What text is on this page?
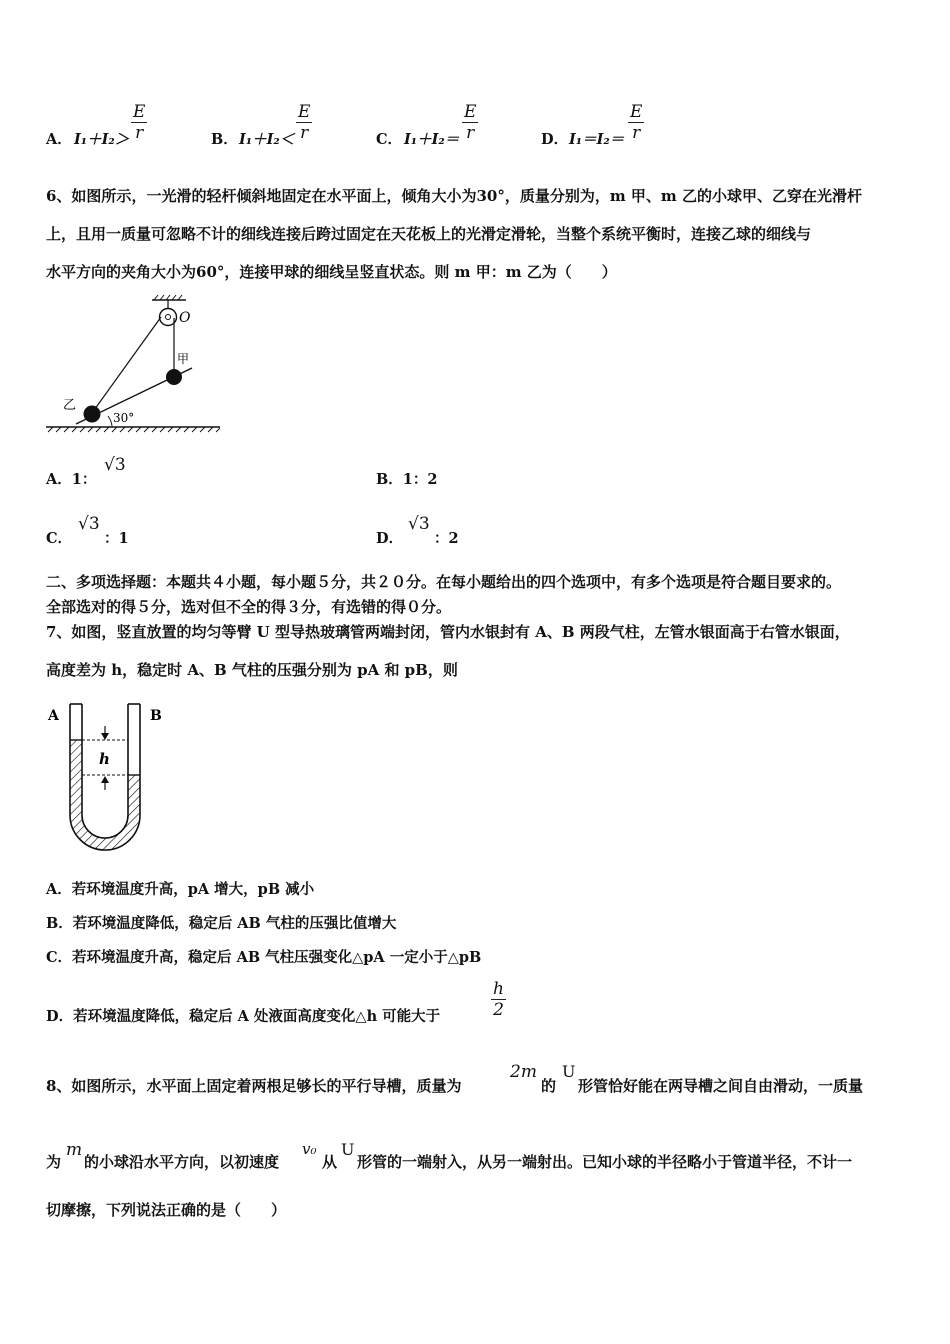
A． $I_1+I_2> \frac{E}{r}$	B． $I_1+I_2< \frac{E}{r}$	C． $I_1+I_2= \frac{E}{r}$	D． $I_1=I_2= \frac{E}{r}$
6、如图所示，一光滑的轻杆倾斜地固定在水平面上，倾角大小为30°，质量分别为，m 甲、m 乙的小球甲、乙穿在光滑杆
上，且用一质量可忽略不计的细线连接后跨过固定在天花板上的光滑定滑轮，当整个系统平衡时，连接乙球的细线与
水平方向的夹角大小为60°，连接甲球的细线呈竖直状态。则 m 甲：m 乙为（　　）
O
甲
乙
30°
A．1：
√3
B．1：2
C．
√3
：1	D．
√3
：2
二、多项选择题：本题共４小题，每小题５分，共２０分。在每小题给出的四个选项中，有多个选项是符合题目要求的。
全部选对的得５分，选对但不全的得３分，有选错的得０分。
7、如图，竖直放置的均匀等臂 U 型导热玻璃管两端封闭，管内水银封有 A、B 两段气柱，左管水银面高于右管水银面，
高度差为 h，稳定时 A、B 气柱的压强分别为 pA 和 pB，则
A	B
h
A．若环境温度升高，pA 增大，pB 减小
B．若环境温度降低，稳定后 AB 气柱的压强比值增大
C．若环境温度升高，稳定后 AB 气柱压强变化△pA 一定小于△pB
D．若环境温度降低，稳定后 A 处液面高度变化△h 可能大于	$\frac{h}{2}$
8、如图所示，水平面上固定着两根足够长的平行导槽，质量为
2m
的
U
形管恰好能在两导槽之间自由滑动，一质量
为
m
的小球沿水平方向，以初速度
v₀
从
U
形管的一端射入，从另一端射出。已知小球的半径略小于管道半径，不计一
切摩擦，下列说法正确的是（　　）
